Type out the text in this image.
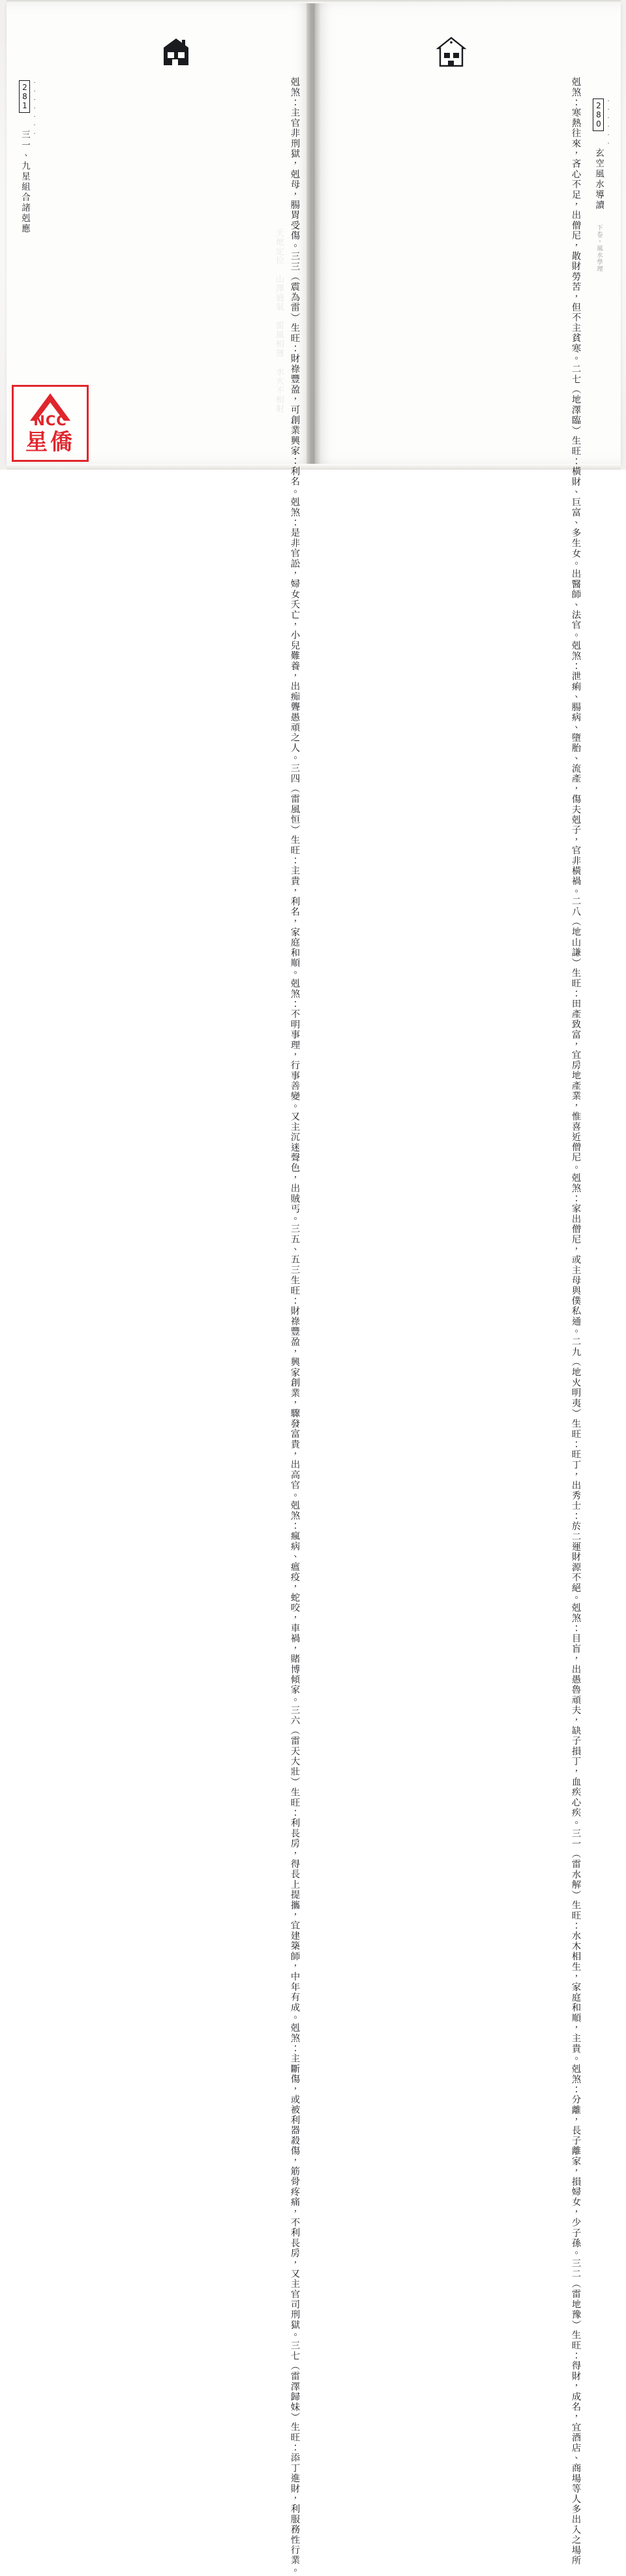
......
280
玄空風水導讀 下卷・風水學理
.......
281
三一、九星組合諸剋應	剋煞：寒熱往來，吝心不足，出僧尼，散財勞苦，但不主貧寒。二七（地澤臨）生旺：橫財、巨富、多生女。出醫師、法官。剋煞：泄痢、腸病、墮胎、流產，傷夫剋子，官非橫禍。二八（地山謙）生旺：田產致富，宜房地產業，惟喜近僧尼。剋煞：家出僧尼，或主母與僕私通。二九（地火明夷）生旺：旺丁，出秀士：於二運財源不絕。剋煞：目盲，出愚魯頑夫，缺子損丁，血疾心疾。三一（雷水解）生旺：水木相生，家庭和順，主貴。剋煞：分離，長子離家，損婦女，少子孫。三二（雷地豫）生旺：得財，成名，宜酒店、商場等人多出入之場所
剋煞：主官非刑獄，剋母，腸胃受傷。三三（震為雷）生旺：財祿豐盈，可創業興家：利名。剋煞：是非官訟，婦女夭亡，小兒難養，出痴聾愚頑之人。三四（雷風恒）生旺：主貴，利名，家庭和順。剋煞：不明事理，行事善變。又主沉迷聲色，出賊丐。三五、五三生旺：財祿豐盈，興家創業，驟發富貴，出高官。剋煞：瘋病、瘟疫，蛇咬，車禍，賭博傾家。三六（雷天大壯）生旺：利長房，得長上提攜，宜建築師，中年有成。剋煞：主斷傷，或被利器殺傷，筋骨疼痛，不利長房，又主官司刑獄。三七（雷澤歸妹）生旺：添丁進財，利服務性行業。
NCC
星僑
